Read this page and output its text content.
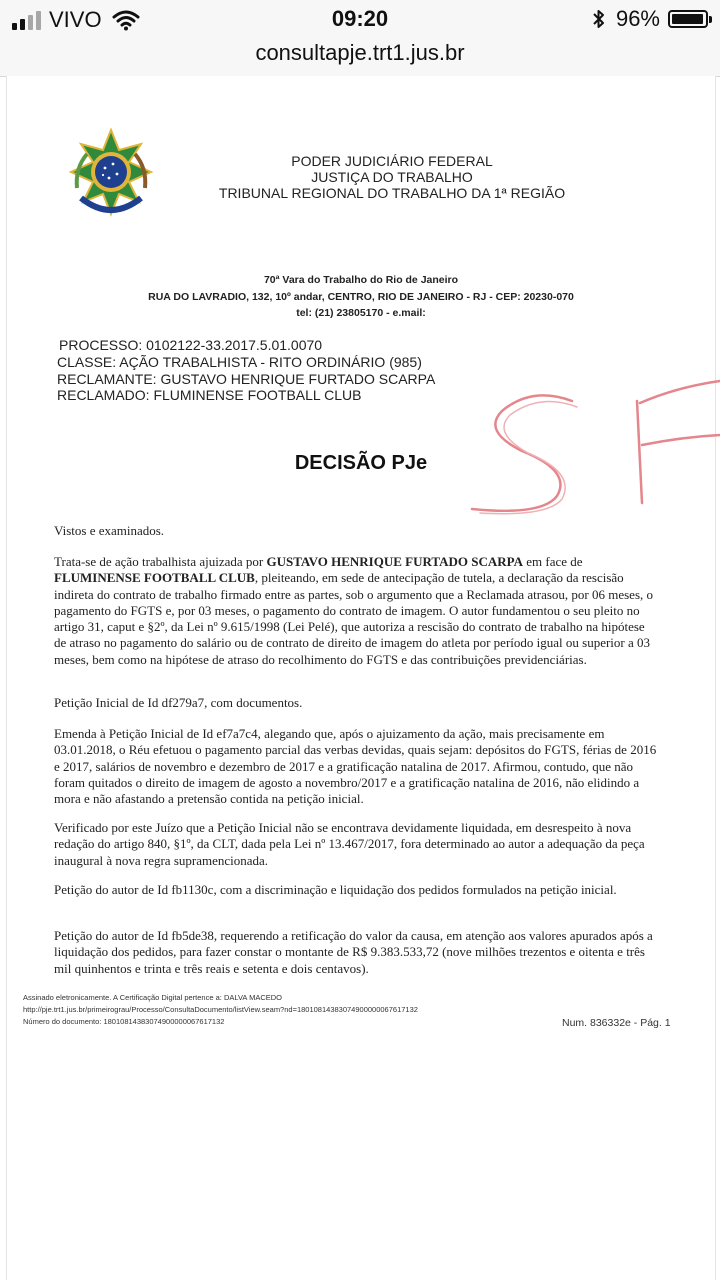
VIVO	09:20	96%
consultapje.trt1.jus.br
PODER JUDICIÁRIO FEDERAL
JUSTIÇA DO TRABALHO
TRIBUNAL REGIONAL DO TRABALHO DA 1ª REGIÃO
70ª Vara do Trabalho do Rio de Janeiro
RUA DO LAVRADIO, 132, 10º andar, CENTRO, RIO DE JANEIRO - RJ - CEP: 20230-070
tel: (21) 23805170 - e.mail:
PROCESSO: 0102122-33.2017.5.01.0070
CLASSE: AÇÃO TRABALHISTA - RITO ORDINÁRIO (985)
RECLAMANTE: GUSTAVO HENRIQUE FURTADO SCARPA
RECLAMADO: FLUMINENSE FOOTBALL CLUB
DECISÃO PJe

Vistos e examinados.

Trata-se de ação trabalhista ajuizada por GUSTAVO HENRIQUE FURTADO SCARPA em face de FLUMINENSE FOOTBALL CLUB, pleiteando, em sede de antecipação de tutela, a declaração da rescisão indireta do contrato de trabalho firmado entre as partes, sob o argumento que a Reclamada atrasou, por 06 meses, o pagamento do FGTS e, por 03 meses, o pagamento do contrato de imagem. O autor fundamentou o seu pleito no artigo 31, caput e §2º, da Lei nº 9.615/1998 (Lei Pelé), que autoriza a rescisão do contrato de trabalho na hipótese de atraso no pagamento do salário ou de contrato de direito de imagem do atleta por período igual ou superior a 03 meses, bem como na hipótese de atraso do recolhimento do FGTS e das contribuições previdenciárias.

Petição Inicial de Id df279a7, com documentos.

Emenda à Petição Inicial de Id ef7a7c4, alegando que, após o ajuizamento da ação, mais precisamente em 03.01.2018, o Réu efetuou o pagamento parcial das verbas devidas, quais sejam: depósitos do FGTS, férias de 2016 e 2017, salários de novembro e dezembro de 2017 e a gratificação natalina de 2017. Afirmou, contudo, que não foram quitados o direito de imagem de agosto a novembro/2017 e a gratificação natalina de 2016, não elidindo a mora e não afastando a pretensão contida na petição inicial.

Verificado por este Juízo que a Petição Inicial não se encontrava devidamente liquidada, em desrespeito à nova redação do artigo 840, §1º, da CLT, dada pela Lei nº 13.467/2017, fora determinado ao autor a adequação da peça inaugural à nova regra supramencionada.

Petição do autor de Id fb1130c, com a discriminação e liquidação dos pedidos formulados na petição inicial.

Petição do autor de Id fb5de38, requerendo a retificação do valor da causa, em atenção aos valores apurados após a liquidação dos pedidos, para fazer constar o montante de R$ 9.383.533,72 (nove milhões trezentos e oitenta e três mil quinhentos e trinta e três reais e setenta e dois centavos).

Assinado eletronicamente. A Certificação Digital pertence a: DALVA MACEDO
http://pje.trt1.jus.br/primeirograu/Processo/ConsultaDocumento/listView.seam?nd=18010814383074900000067617132
Número do documento: 18010814383074900000067617132	Num. 836332e - Pág. 1
